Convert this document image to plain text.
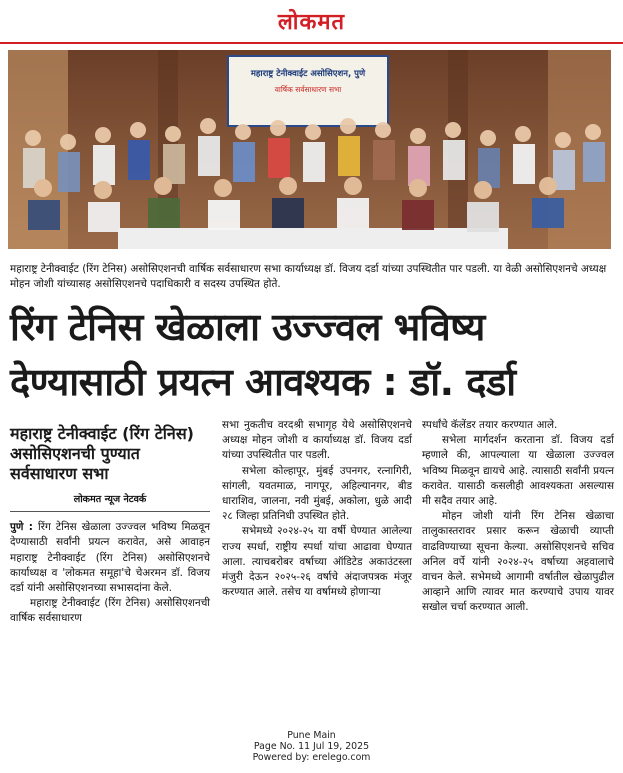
लोकमत
महाराष्ट्र टेनीक्वाईट असोसिएशन, पुणे
वार्षिक सर्वसाधारण सभा
महाराष्ट्र टेनीक्वाईट (रिंग टेनिस) असोसिएशनची वार्षिक सर्वसाधारण सभा कार्याध्यक्ष डॉ. विजय दर्डा यांच्या उपस्थितीत पार पडली. या वेळी असोसिएशनचे अध्यक्ष मोहन जोशी यांच्यासह असोसिएशनचे पदाधिकारी व सदस्य उपस्थित होते.
रिंग टेनिस खेळाला उज्ज्वल भविष्य
देण्यासाठी प्रयत्न आवश्यक : डॉ. दर्डा
महाराष्ट्र टेनीक्वाईट (रिंग टेनिस) असोसिएशनची पुण्यात सर्वसाधारण सभा
लोकमत न्यूज नेटवर्क

पुणे : रिंग टेनिस खेळाला उज्ज्वल भविष्य मिळवून देण्यासाठी सर्वांनी प्रयत्न करावेत, असे आवाहन महाराष्ट्र टेनीक्वाईट (रिंग टेनिस) असोसिएशनचे कार्याध्यक्ष व 'लोकमत समूहा'चे चेअरमन डॉ. विजय दर्डा यांनी असोसिएशनच्या सभासदांना केले.

महाराष्ट्र टेनीक्वाईट (रिंग टेनिस) असोसिएशनची वार्षिक सर्वसाधारण

सभा नुकतीच वरदश्री सभागृह येथे असोसिएशनचे अध्यक्ष मोहन जोशी व कार्याध्यक्ष डॉ. विजय दर्डा यांच्या उपस्थितीत पार पडली.

सभेला कोल्हापूर, मुंबई उपनगर, रत्नागिरी, सांगली, यवतमाळ, नागपूर, अहिल्यानगर, बीड धाराशिव, जालना, नवी मुंबई, अकोला, धुळे आदी २८ जिल्हा प्रतिनिधी उपस्थित होते.

सभेमध्ये २०२४-२५ या वर्षी घेण्यात आलेल्या राज्य स्पर्धा, राष्ट्रीय स्पर्धा यांचा आढावा घेण्यात आला. त्याचबरोबर वर्षाच्या ऑडिटेड अकाउंटस्ला मंजुरी देऊन २०२५-२६ वर्षाचे अंदाजपत्रक मंजूर करण्यात आले. तसेच या वर्षामध्ये होणाऱ्या

स्पर्धांचे कॅलेंडर तयार करण्यात आले.

सभेला मार्गदर्शन करताना डॉ. विजय दर्डा म्हणाले की, आपल्याला या खेळाला उज्ज्वल भविष्य मिळवून द्यायचे आहे. त्यासाठी सर्वांनी प्रयत्न करावेत. यासाठी कसलीही आवश्यकता असल्यास मी सदैव तयार आहे.

मोहन जोशी यांनी रिंग टेनिस खेळाचा तालुकास्तरावर प्रसार करून खेळाची व्याप्ती वाढविण्याच्या सूचना केल्या. असोसिएशनचे सचिव अनिल वर्पे यांनी २०२४-२५ वर्षाच्या अहवालाचे वाचन केले. सभेमध्ये आगामी वर्षातील खेळापुढील आव्हाने आणि त्यावर मात करण्याचे उपाय यावर सखोल चर्चा करण्यात आली.

Pune Main
Page No. 11 Jul 19, 2025
Powered by: erelego.com
